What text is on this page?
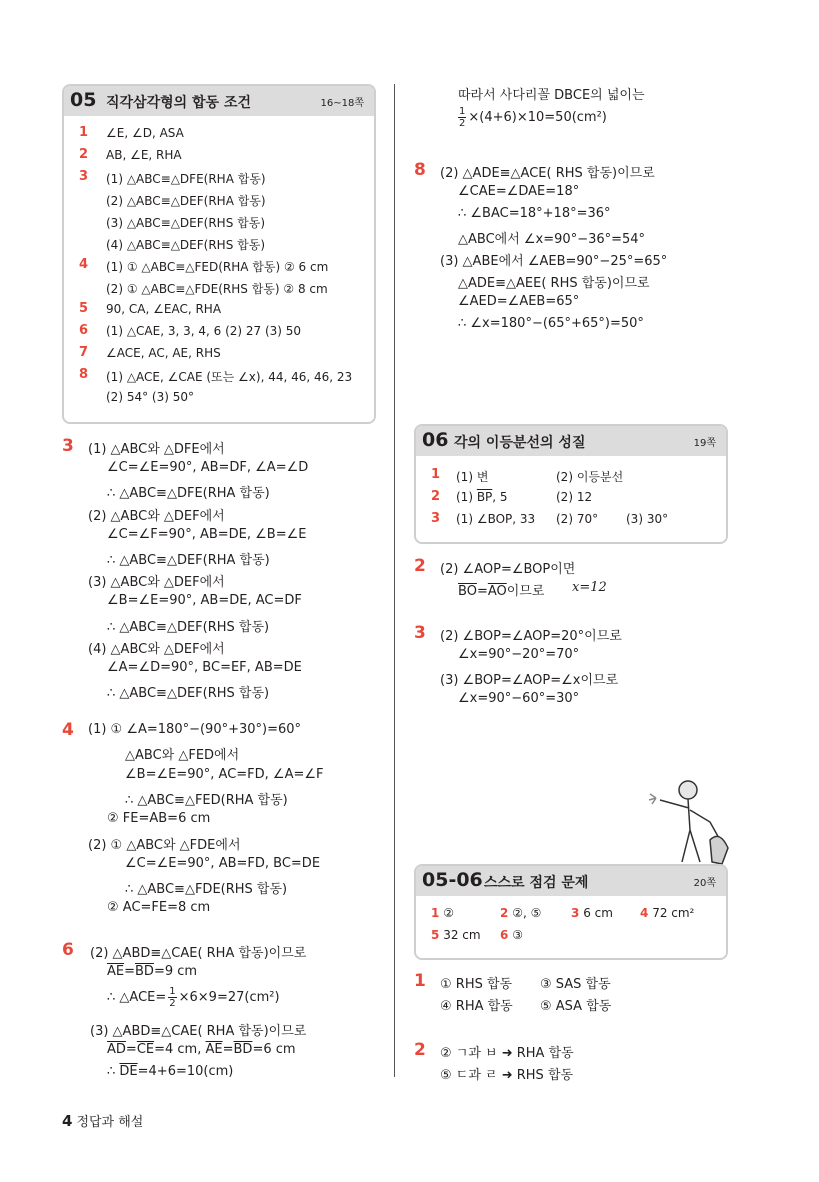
05 직각삼각형의 합동 조건	16~18쪽
1 ∠E, ∠D, ASA
2 AB, ∠E, RHA
3 (1) △ABC≡△DFE(RHA 합동)
(2) △ABC≡△DEF(RHA 합동)
(3) △ABC≡△DEF(RHS 합동)
(4) △ABC≡△DEF(RHS 합동)
4 (1) ① △ABC≡△FED(RHA 합동) ② 6 cm
(2) ① △ABC≡△FDE(RHS 합동) ② 8 cm
5 90, CA, ∠EAC, RHA
6 (1) △CAE, 3, 3, 4, 6 (2) 27 (3) 50
7 ∠ACE, AC, AE, RHS
8 (1) △ACE, ∠CAE (또는 ∠x), 44, 46, 46, 23
(2) 54° (3) 50°
3 (1) △ABC와 △DFE에서
∠C=∠E=90°, AB=DF, ∠A=∠D
∴ △ABC≡△DFE(RHA 합동)
(2) △ABC와 △DEF에서
∠C=∠F=90°, AB=DE, ∠B=∠E
∴ △ABC≡△DEF(RHA 합동)
(3) △ABC와 △DEF에서
∠B=∠E=90°, AB=DE, AC=DF
∴ △ABC≡△DEF(RHS 합동)
(4) △ABC와 △DEF에서
∠A=∠D=90°, BC=EF, AB=DE
∴ △ABC≡△DEF(RHS 합동)
4 (1) ① ∠A=180°−(90°+30°)=60°
△ABC와 △FED에서
∠B=∠E=90°, AC=FD, ∠A=∠F
∴ △ABC≡△FED(RHA 합동)
② FE=AB=6 cm
(2) ① △ABC와 △FDE에서
∠C=∠E=90°, AB=FD, BC=DE
∴ △ABC≡△FDE(RHS 합동)
② AC=FE=8 cm
6 (2) △ABD≡△CAE( RHA 합동)이므로
$\overline{AE}=\overline{BD}=9$ cm
∴ △ACE= $\frac{1}{2} \times 6\times 9=27(cm^2)$
(3) △ABD≡△CAE( RHA 합동)이므로
$\overline{AD}=\overline{CE}=4$ cm, $\overline{AE}=\overline{BD}=6$ cm
∴ $\overline{DE}=4+6=10(cm)$
따라서 사다리꼴 DBCE의 넓이는
$\frac{1}{2} \times(4+6)\times 10=50(cm^2)$
8 (2) △ADE≡△ACE( RHS 합동)이므로
∠CAE=∠DAE=18°
∴ ∠BAC=18°+18°=36°
△ABC에서 ∠x=90°−36°=54°
(3) △ABE에서 ∠AEB=90°−25°=65°
△ADE≡△AEE( RHS 합동)이므로
∠AED=∠AEB=65°
∴ ∠x=180°−(65°+65°)=50°
06 각의 이등분선의 성질	19쪽
1 (1) 변	(2) 이등분선
2 (1) $\overline{BP}$, 5	(2) 12
3 (1) ∠BOP, 33 (2) 70° (3) 30°
2 (2) ∠AOP=∠BOP이면
$\overline{BO}=\overline{AO}$이므로 x=12
3 (2) ∠BOP=∠AOP=20°이므로
∠x=90°−20°=70°
(3) ∠BOP=∠AOP=∠x이므로
∠x=90°−60°=30°
05-06 스스로 점검 문제	20쪽
1 ②	2 ②, ⑤ 3 6 cm 4 72 cm²
5 32 cm 6 ③
1 ① RHS 합동 ③ SAS 합동
④ RHA 합동 ⑤ ASA 합동
2 ② ㄱ과 ㅂ ➜ RHA 합동
⑤ ㄷ과 ㄹ ➜ RHS 합동
4 정답과 해설
